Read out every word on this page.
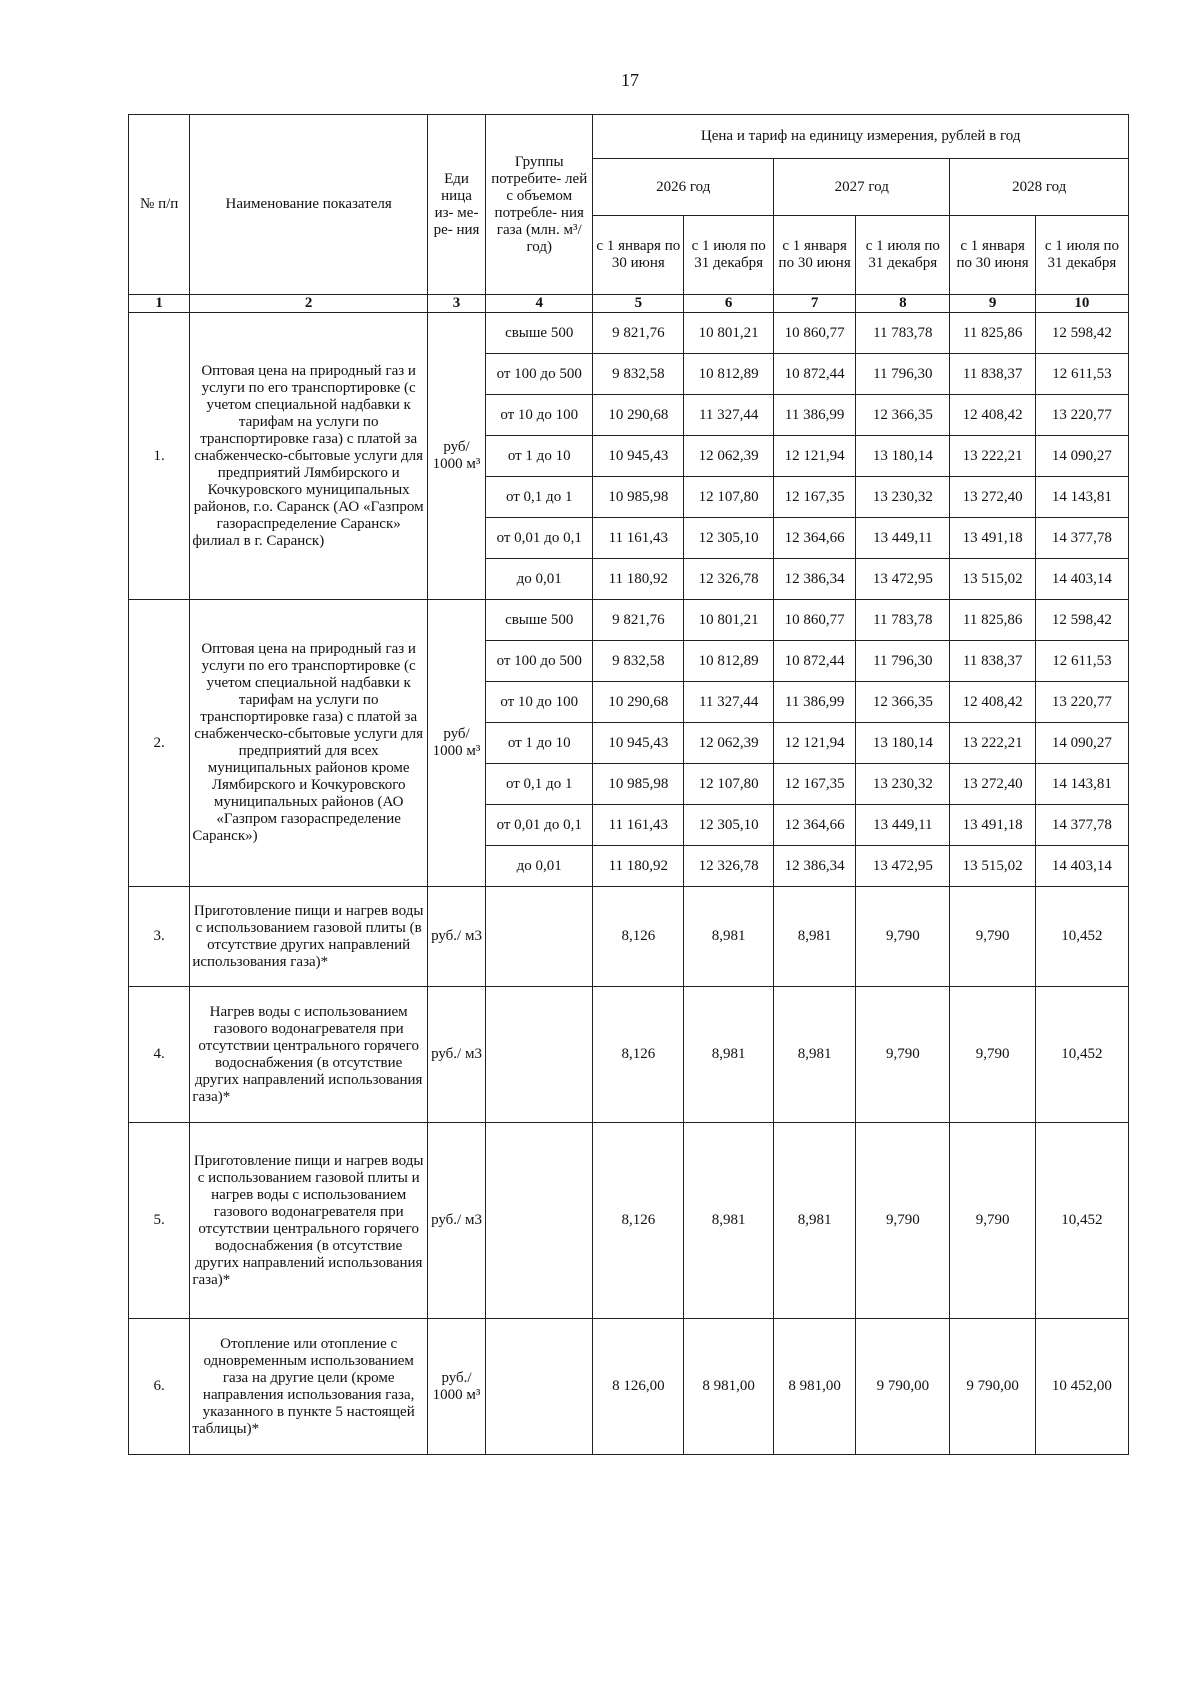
17
№ п/п	Наименование показателя	Еди ница из- ме- ре- ния	Группы потребите- лей с объемом потребле- ния газа (млн. м³/год)	Цена и тариф на единицу измерения, рублей в год					
				2026 год		2027 год		2028 год	
				с 1 января по 30 июня	с 1 июля по 31 декабря	с 1 января по 30 июня	с 1 июля по 31 декабря	с 1 января по 30 июня	с 1 июля по 31 декабря
1	2	3	4	5	6	7	8	9	10
1.	Оптовая цена на природный газ и услуги по его транспортировке (с учетом специальной надбавки к тарифам на услуги по транспортировке газа) с платой за снабженческо-сбытовые услуги для предприятий Лямбирского и Кочкуровского муниципальных районов, г.о. Саранск (АО «Газпром газораспределение Саранск» филиал в г. Саранск)	руб/ 1000 м³	свыше 500	9 821,76	10 801,21	10 860,77	11 783,78	11 825,86	12 598,42
			от 100 до 500	9 832,58	10 812,89	10 872,44	11 796,30	11 838,37	12 611,53
			от 10 до 100	10 290,68	11 327,44	11 386,99	12 366,35	12 408,42	13 220,77
			от 1 до 10	10 945,43	12 062,39	12 121,94	13 180,14	13 222,21	14 090,27
			от 0,1 до 1	10 985,98	12 107,80	12 167,35	13 230,32	13 272,40	14 143,81
			от 0,01 до 0,1	11 161,43	12 305,10	12 364,66	13 449,11	13 491,18	14 377,78
			до 0,01	11 180,92	12 326,78	12 386,34	13 472,95	13 515,02	14 403,14
2.	Оптовая цена на природный газ и услуги по его транспортировке (с учетом специальной надбавки к тарифам на услуги по транспортировке газа) с платой за снабженческо-сбытовые услуги для предприятий для всех муниципальных районов кроме Лямбирского и Кочкуровского муниципальных районов (АО «Газпром газораспределение Саранск»)	руб/ 1000 м³	свыше 500	9 821,76	10 801,21	10 860,77	11 783,78	11 825,86	12 598,42
			от 100 до 500	9 832,58	10 812,89	10 872,44	11 796,30	11 838,37	12 611,53
			от 10 до 100	10 290,68	11 327,44	11 386,99	12 366,35	12 408,42	13 220,77
			от 1 до 10	10 945,43	12 062,39	12 121,94	13 180,14	13 222,21	14 090,27
			от 0,1 до 1	10 985,98	12 107,80	12 167,35	13 230,32	13 272,40	14 143,81
			от 0,01 до 0,1	11 161,43	12 305,10	12 364,66	13 449,11	13 491,18	14 377,78
			до 0,01	11 180,92	12 326,78	12 386,34	13 472,95	13 515,02	14 403,14
3.	Приготовление пищи и нагрев воды с использованием газовой плиты (в отсутствие других направлений использования газа)*	руб./ м3		8,126	8,981	8,981	9,790	9,790	10,452
4.	Нагрев воды с использованием газового водонагревателя при отсутствии центрального горячего водоснабжения (в отсутствие других направлений использования газа)*	руб./ м3		8,126	8,981	8,981	9,790	9,790	10,452
5.	Приготовление пищи и нагрев воды с использованием газовой плиты и нагрев воды с использованием газового водонагревателя при отсутствии центрального горячего водоснабжения (в отсутствие других направлений использования газа)*	руб./ м3		8,126	8,981	8,981	9,790	9,790	10,452
6.	Отопление или отопление с одновременным использованием газа на другие цели (кроме направления использования газа, указанного в пункте 5 настоящей таблицы)*	руб./ 1000 м³		8 126,00	8 981,00	8 981,00	9 790,00	9 790,00	10 452,00
